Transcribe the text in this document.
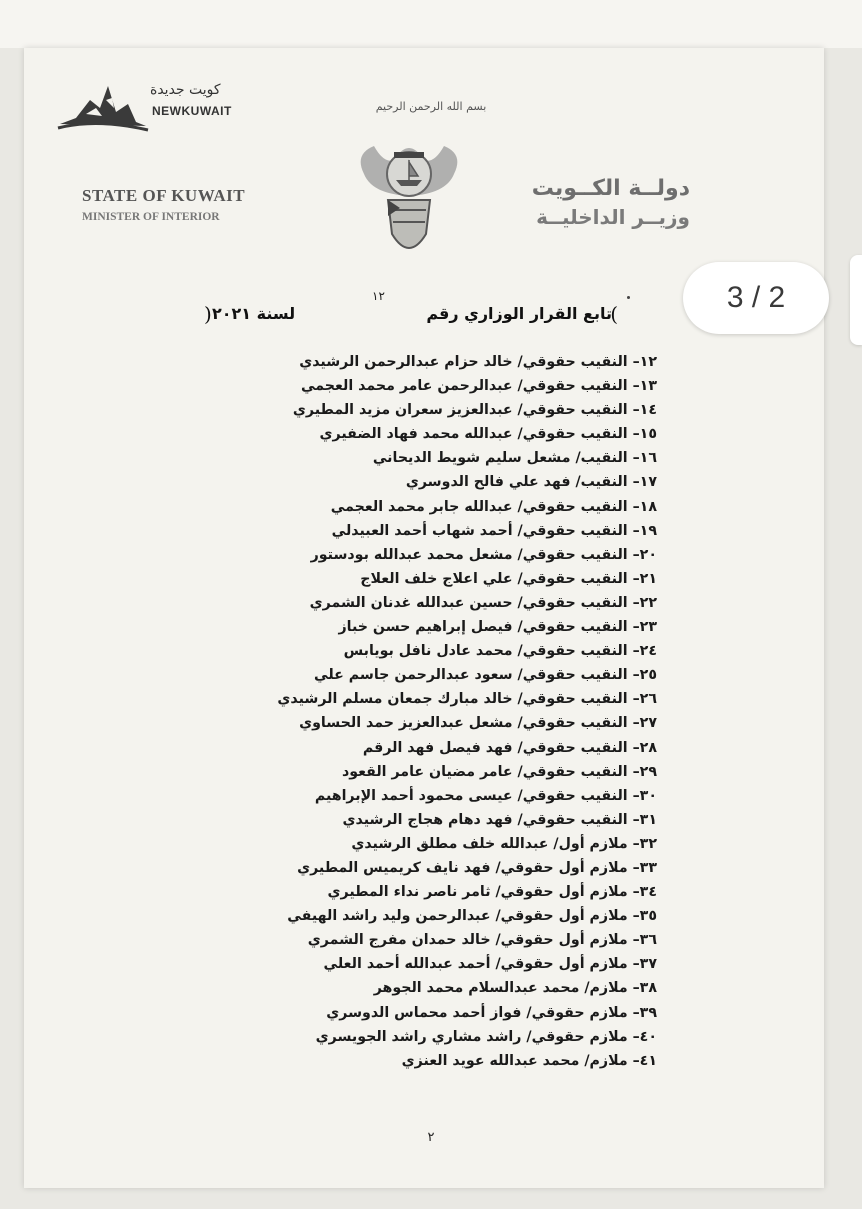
كويت جديدة
NEWKUWAIT	بسم الله الرحمن الرحيم
STATE OF KUWAIT
MINISTER OF INTERIOR
دولــة الكــويت
وزيــر الداخليــة
3 / 2
١٢
(
تابع القرار الوزاري رقم
لسنة ٢٠٢١
)
١٢– النقيب حقوقي/ خالد حزام عبدالرحمن الرشيدي
١٣– النقيب حقوقي/ عبدالرحمن عامر محمد العجمي
١٤– النقيب حقوقي/ عبدالعزيز سعران مزيد المطيري
١٥– النقيب حقوقي/ عبدالله محمد فهاد الضفيري
١٦– النقيب/ مشعل سليم شويط الديحاني
١٧– النقيب/ فهد علي فالح الدوسري
١٨– النقيب حقوقي/ عبدالله جابر محمد العجمي
١٩– النقيب حقوقي/ أحمد شهاب أحمد العبيدلي
٢٠– النقيب حقوقي/ مشعل محمد عبدالله بودستور
٢١– النقيب حقوقي/ علي اعلاج خلف العلاج
٢٢– النقيب حقوقي/ حسين عبدالله غدنان الشمري
٢٣– النقيب حقوقي/ فيصل إبراهيم حسن خباز
٢٤– النقيب حقوقي/ محمد عادل نافل بويابس
٢٥– النقيب حقوقي/ سعود عبدالرحمن جاسم علي
٢٦– النقيب حقوقي/ خالد مبارك جمعان مسلم الرشيدي
٢٧– النقيب حقوقي/ مشعل عبدالعزيز حمد الحساوي
٢٨– النقيب حقوقي/ فهد فيصل فهد الرقم
٢٩– النقيب حقوقي/ عامر مضيان عامر القعود
٣٠– النقيب حقوقي/ عيسى محمود أحمد الإبراهيم
٣١– النقيب حقوقي/ فهد دهام هجاج الرشيدي
٣٢– ملازم أول/ عبدالله خلف مطلق الرشيدي
٣٣– ملازم أول حقوقي/ فهد نايف كريميس المطيري
٣٤– ملازم أول حقوقي/ ثامر ناصر نداء المطيري
٣٥– ملازم أول حقوقي/ عبدالرحمن وليد راشد الهيفي
٣٦– ملازم أول حقوقي/ خالد حمدان مفرج الشمري
٣٧– ملازم أول حقوقي/ أحمد عبدالله أحمد العلي
٣٨– ملازم/ محمد عبدالسلام محمد الجوهر
٣٩– ملازم حقوقي/ فواز أحمد محماس الدوسري
٤٠– ملازم حقوقي/ راشد مشاري راشد الجويسري
٤١– ملازم/ محمد عبدالله عويد العنزي
٢
